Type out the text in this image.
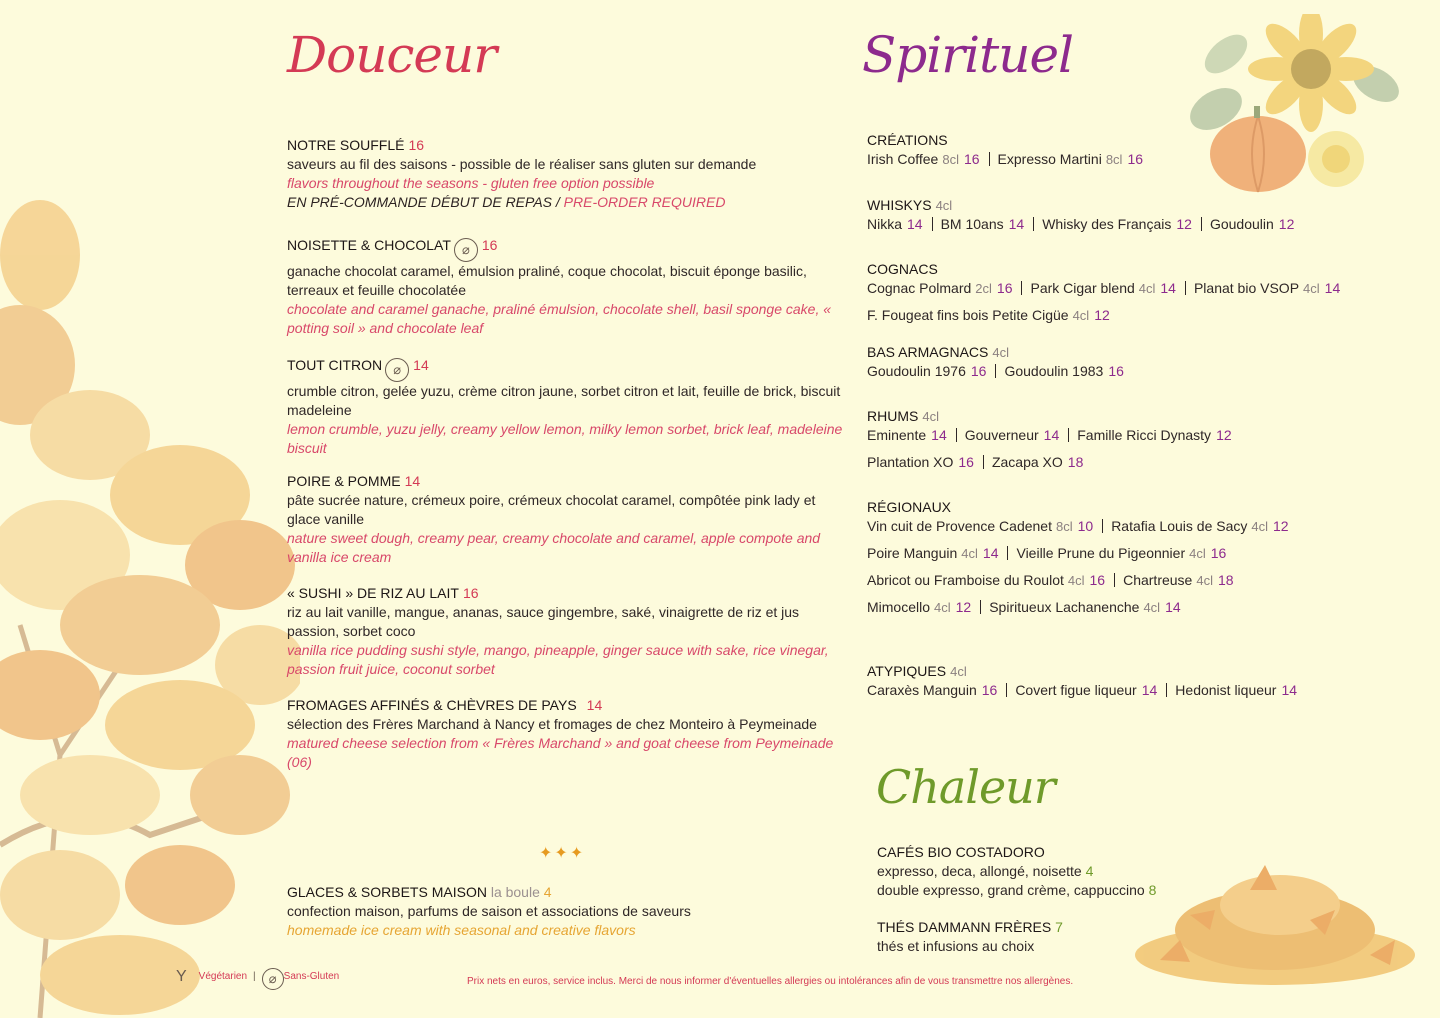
Douceur	Spirituel
Chaleur
NOTRE SOUFFLÉ 16
saveurs au fil des saisons - possible de le réaliser sans gluten sur demande
flavors throughout the seasons - gluten free option possible
EN PRÉ-COMMANDE DÉBUT DE REPAS / PRE-ORDER REQUIRED
NOISETTE & CHOCOLAT ⌀ 16
ganache chocolat caramel, émulsion praliné, coque chocolat, biscuit éponge basilic, terreaux et feuille chocolatée
chocolate and caramel ganache, praliné émulsion, chocolate shell, basil sponge cake, « potting soil » and chocolate leaf
TOUT CITRON ⌀ 14
crumble citron, gelée yuzu, crème citron jaune, sorbet citron et lait, feuille de brick, biscuit madeleine
lemon crumble, yuzu jelly, creamy yellow lemon, milky lemon sorbet, brick leaf, madeleine biscuit
POIRE & POMME 14
pâte sucrée nature, crémeux poire, crémeux chocolat caramel, compôtée pink lady et glace vanille
nature sweet dough, creamy pear, creamy chocolate and caramel, apple compote and vanilla ice cream
« SUSHI » DE RIZ AU LAIT 16
riz au lait vanille, mangue, ananas, sauce gingembre, saké, vinaigrette de riz et jus passion, sorbet coco
vanilla rice pudding sushi style, mango, pineapple, ginger sauce with sake, rice vinegar, passion fruit juice, coconut sorbet
FROMAGES AFFINÉS & CHÈVRES DE PAYS 14
sélection des Frères Marchand à Nancy et fromages de chez Monteiro à Peymeinade
matured cheese selection from « Frères Marchand » and goat cheese from Peymeinade (06)
✦✦✦
GLACES & SORBETS MAISON la boule 4
confection maison, parfums de saison et associations de saveurs
homemade ice cream with seasonal and creative flavors
CRÉATIONS
Irish Coffee 8cl 16 Expresso Martini 8cl 16
WHISKYS 4cl
Nikka 14 BM 10ans 14 Whisky des Français 12 Goudoulin 12
COGNACS
Cognac Polmard 2cl 16 Park Cigar blend 4cl 14 Planat bio VSOP 4cl 14
F. Fougeat fins bois Petite Cigüe 4cl 12
BAS ARMAGNACS 4cl
Goudoulin 1976 16 Goudoulin 1983 16
RHUMS 4cl
Eminente 14 Gouverneur 14 Famille Ricci Dynasty 12
Plantation XO 16 Zacapa XO 18
RÉGIONAUX
Vin cuit de Provence Cadenet 8cl 10 Ratafia Louis de Sacy 4cl 12
Poire Manguin 4cl 14 Vieille Prune du Pigeonnier 4cl 16
Abricot ou Framboise du Roulot 4cl 16 Chartreuse 4cl 18
Mimocello 4cl 12 Spiritueux Lachanenche 4cl 14
ATYPIQUES 4cl
Caraxès Manguin 16 Covert figue liqueur 14 Hedonist liqueur 14
CAFÉS BIO COSTADORO
expresso, deca, allongé, noisette 4
double expresso, grand crème, cappuccino 8
THÉS DAMMANN FRÈRES 7
thés et infusions au choix
Y Végétarien | ⌀ Sans-Gluten	Prix nets en euros, service inclus. Merci de nous informer d'éventuelles allergies ou intolérances afin de vous transmettre nos allergènes.
